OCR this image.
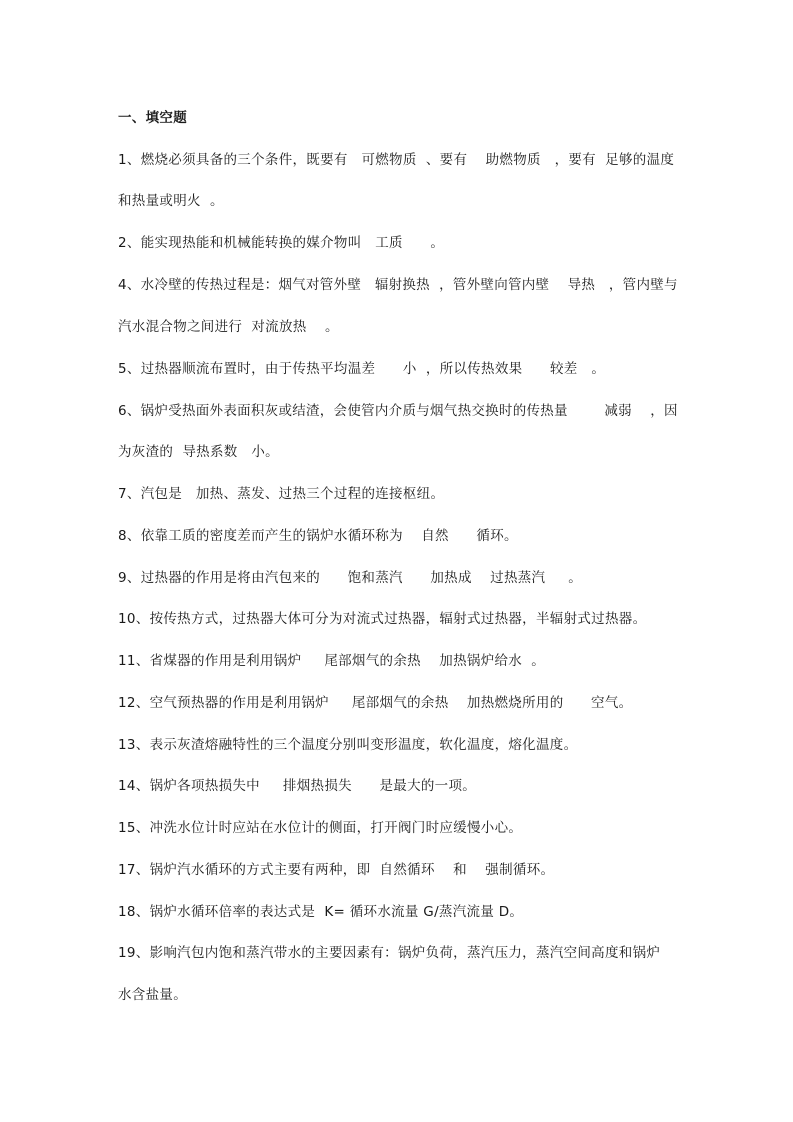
一、填空题
1、燃烧必须具备的三个条件，既要有   可燃物质  、要有    助燃物质   ，要有  足够的温度
和热量或明火  。
2、能实现热能和机械能转换的媒介物叫   工质      。
4、水冷壁的传热过程是：烟气对管外壁   辐射换热  ，管外壁向管内壁    导热   ，管内壁与
汽水混合物之间进行  对流放热    。
5、过热器顺流布置时，由于传热平均温差      小  ，所以传热效果      较差   。
6、锅炉受热面外表面积灰或结渣，会使管内介质与烟气热交换时的传热量        减弱    ，因
为灰渣的  导热系数   小。
7、汽包是   加热、蒸发、过热三个过程的连接枢纽。
8、依靠工质的密度差而产生的锅炉水循环称为    自然      循环。
9、过热器的作用是将由汽包来的      饱和蒸汽      加热成    过热蒸汽     。
10、按传热方式，过热器大体可分为对流式过热器，辐射式过热器，半辐射式过热器。
11、省煤器的作用是利用锅炉     尾部烟气的余热    加热锅炉给水  。
12、空气预热器的作用是利用锅炉     尾部烟气的余热    加热燃烧所用的      空气。
13、表示灰渣熔融特性的三个温度分别叫变形温度，软化温度，熔化温度。
14、锅炉各项热损失中     排烟热损失      是最大的一项。
15、冲洗水位计时应站在水位计的侧面，打开阀门时应缓慢小心。
17、锅炉汽水循环的方式主要有两种，即  自然循环    和    强制循环。
18、锅炉水循环倍率的表达式是  K= 循环水流量 G/蒸汽流量 D。
19、影响汽包内饱和蒸汽带水的主要因素有：锅炉负荷，蒸汽压力，蒸汽空间高度和锅炉
水含盐量。
